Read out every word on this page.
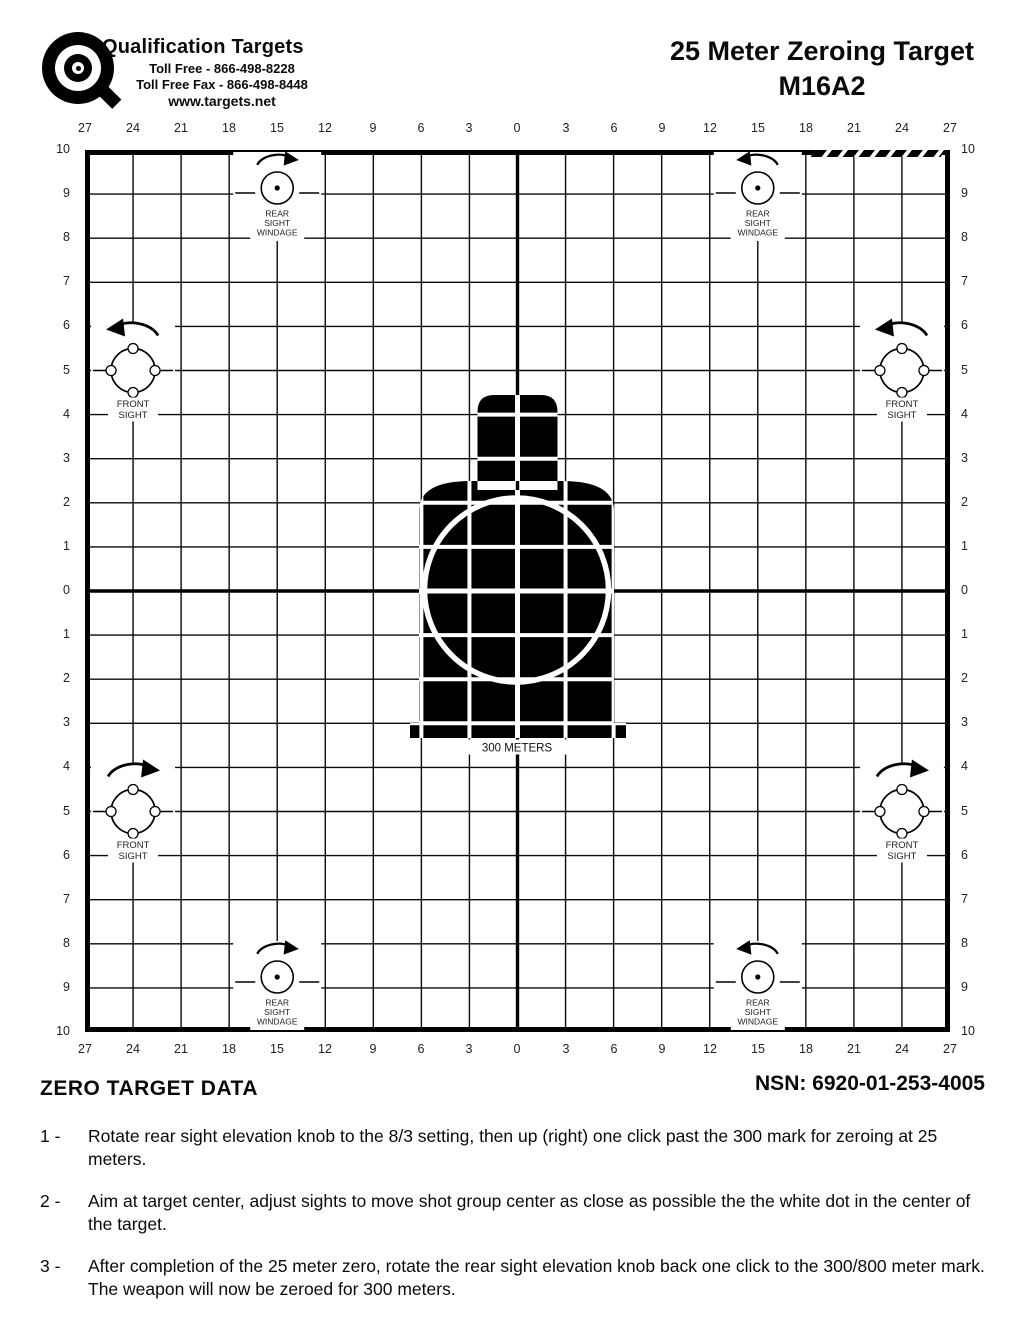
Qualification Targets
Toll Free - 866-498-8228
Toll Free Fax - 866-498-8448
www.targets.net
25 Meter Zeroing Target
M16A2
27	24	21	18	15	12	9	6	3	0	3	6	9	12	15	18	21	24	27
27	24	21	18	15	12	9	6	3	0	3	6	9	12	15	18	21	24	27
10
9
8
7
6
5
4
3
2
1
0
1
2
3
4
5
6
7
8
9
10
10
9
8
7
6
5
4
3
2
1
0
1
2
3
4
5
6
7
8
9
10
300 METERS
REAR
SIGHT
WINDAGE
REAR
SIGHT
WINDAGE
REAR
SIGHT
WINDAGE
REAR
SIGHT
WINDAGE
FRONT
SIGHT
FRONT
SIGHT
FRONT
SIGHT
FRONT
SIGHT
ZERO TARGET DATA	NSN: 6920-01-253-4005
1 -	Rotate rear sight elevation knob to the 8/3 setting, then up (right) one click past the 300 mark for zeroing at 25 meters.
2 -	Aim at target center, adjust sights to move shot group center as close as possible the the white dot in the center of the target.
3 -	After completion of the 25 meter zero, rotate the rear sight elevation knob back one click to the 300/800 meter mark. The weapon will now be zeroed for 300 meters.
